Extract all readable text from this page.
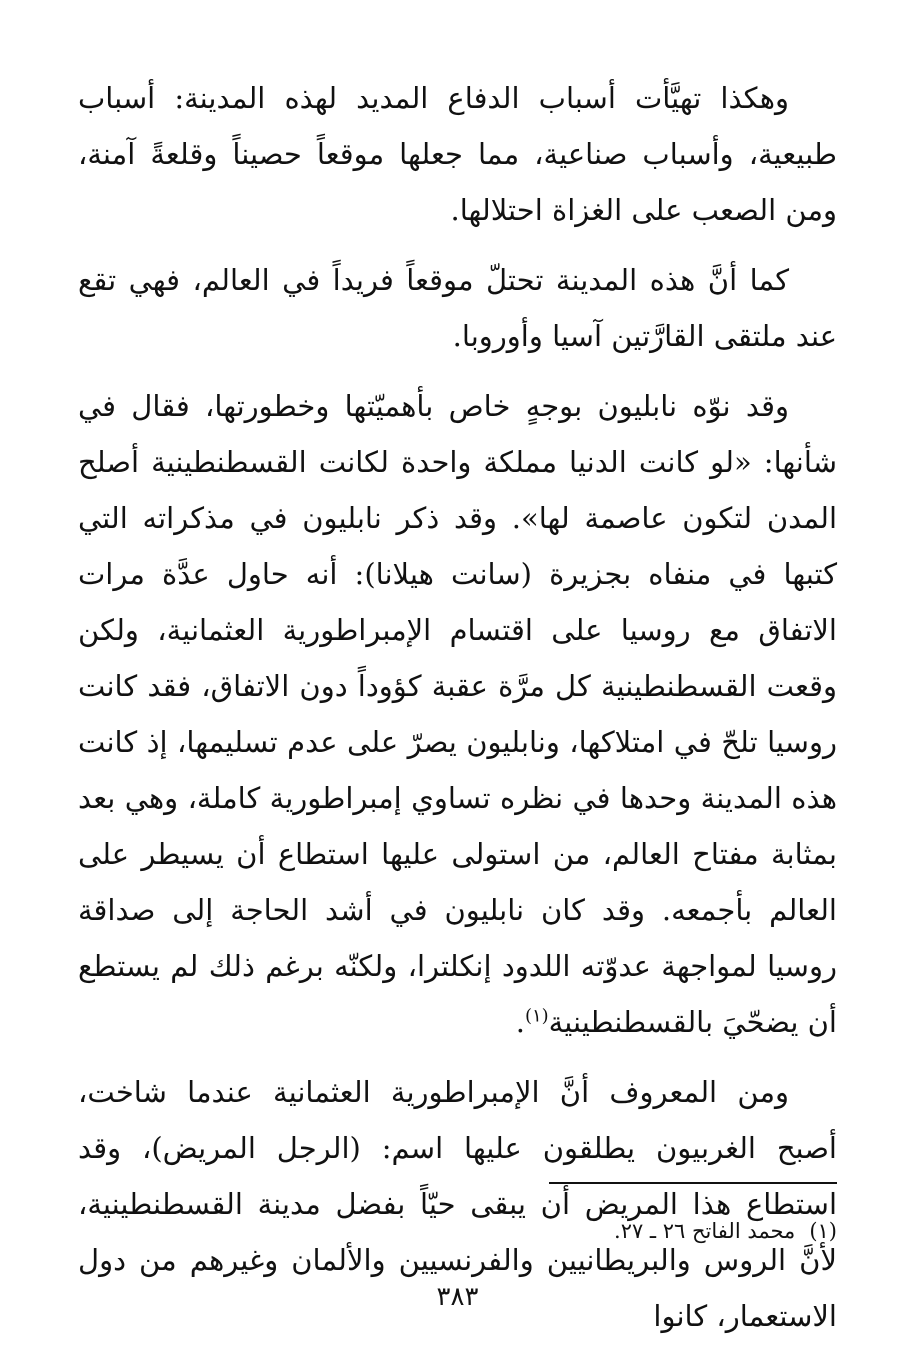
وهكذا تهيَّأت أسباب الدفاع المديد لهذه المدينة: أسباب طبيعية، وأسباب صناعية، مما جعلها موقعاً حصيناً وقلعةً آمنة، ومن الصعب على الغزاة احتلالها.

كما أنَّ هذه المدينة تحتلّ موقعاً فريداً في العالم، فهي تقع عند ملتقى القارَّتين آسيا وأوروبا.

وقد نوّه نابليون بوجهٍ خاص بأهميّتها وخطورتها، فقال في شأنها: «لو كانت الدنيا مملكة واحدة لكانت القسطنطينية أصلح المدن لتكون عاصمة لها». وقد ذكر نابليون في مذكراته التي كتبها في منفاه بجزيرة (سانت هيلانا): أنه حاول عدَّة مرات الاتفاق مع روسيا على اقتسام الإمبراطورية العثمانية، ولكن وقعت القسطنطينية كل مرَّة عقبة كؤوداً دون الاتفاق، فقد كانت روسيا تلحّ في امتلاكها، ونابليون يصرّ على عدم تسليمها، إذ كانت هذه المدينة وحدها في نظره تساوي إمبراطورية كاملة، وهي بعد بمثابة مفتاح العالم، من استولى عليها استطاع أن يسيطر على العالم بأجمعه. وقد كان نابليون في أشد الحاجة إلى صداقة روسيا لمواجهة عدوّته اللدود إنكلترا، ولكنّه برغم ذلك لم يستطع أن يضحّيَ بالقسطنطينية$^{(١)}$.

ومن المعروف أنَّ الإمبراطورية العثمانية عندما شاخت، أصبح الغربيون يطلقون عليها اسم: (الرجل المريض)، وقد استطاع هذا المريض أن يبقى حيّاً بفضل مدينة القسطنطينية، لأنَّ الروس والبريطانيين والفرنسيين والألمان وغيرهم من دول الاستعمار، كانوا

(١)محمد الفاتح ٢٦ ـ ٢٧.
٣٨٣
